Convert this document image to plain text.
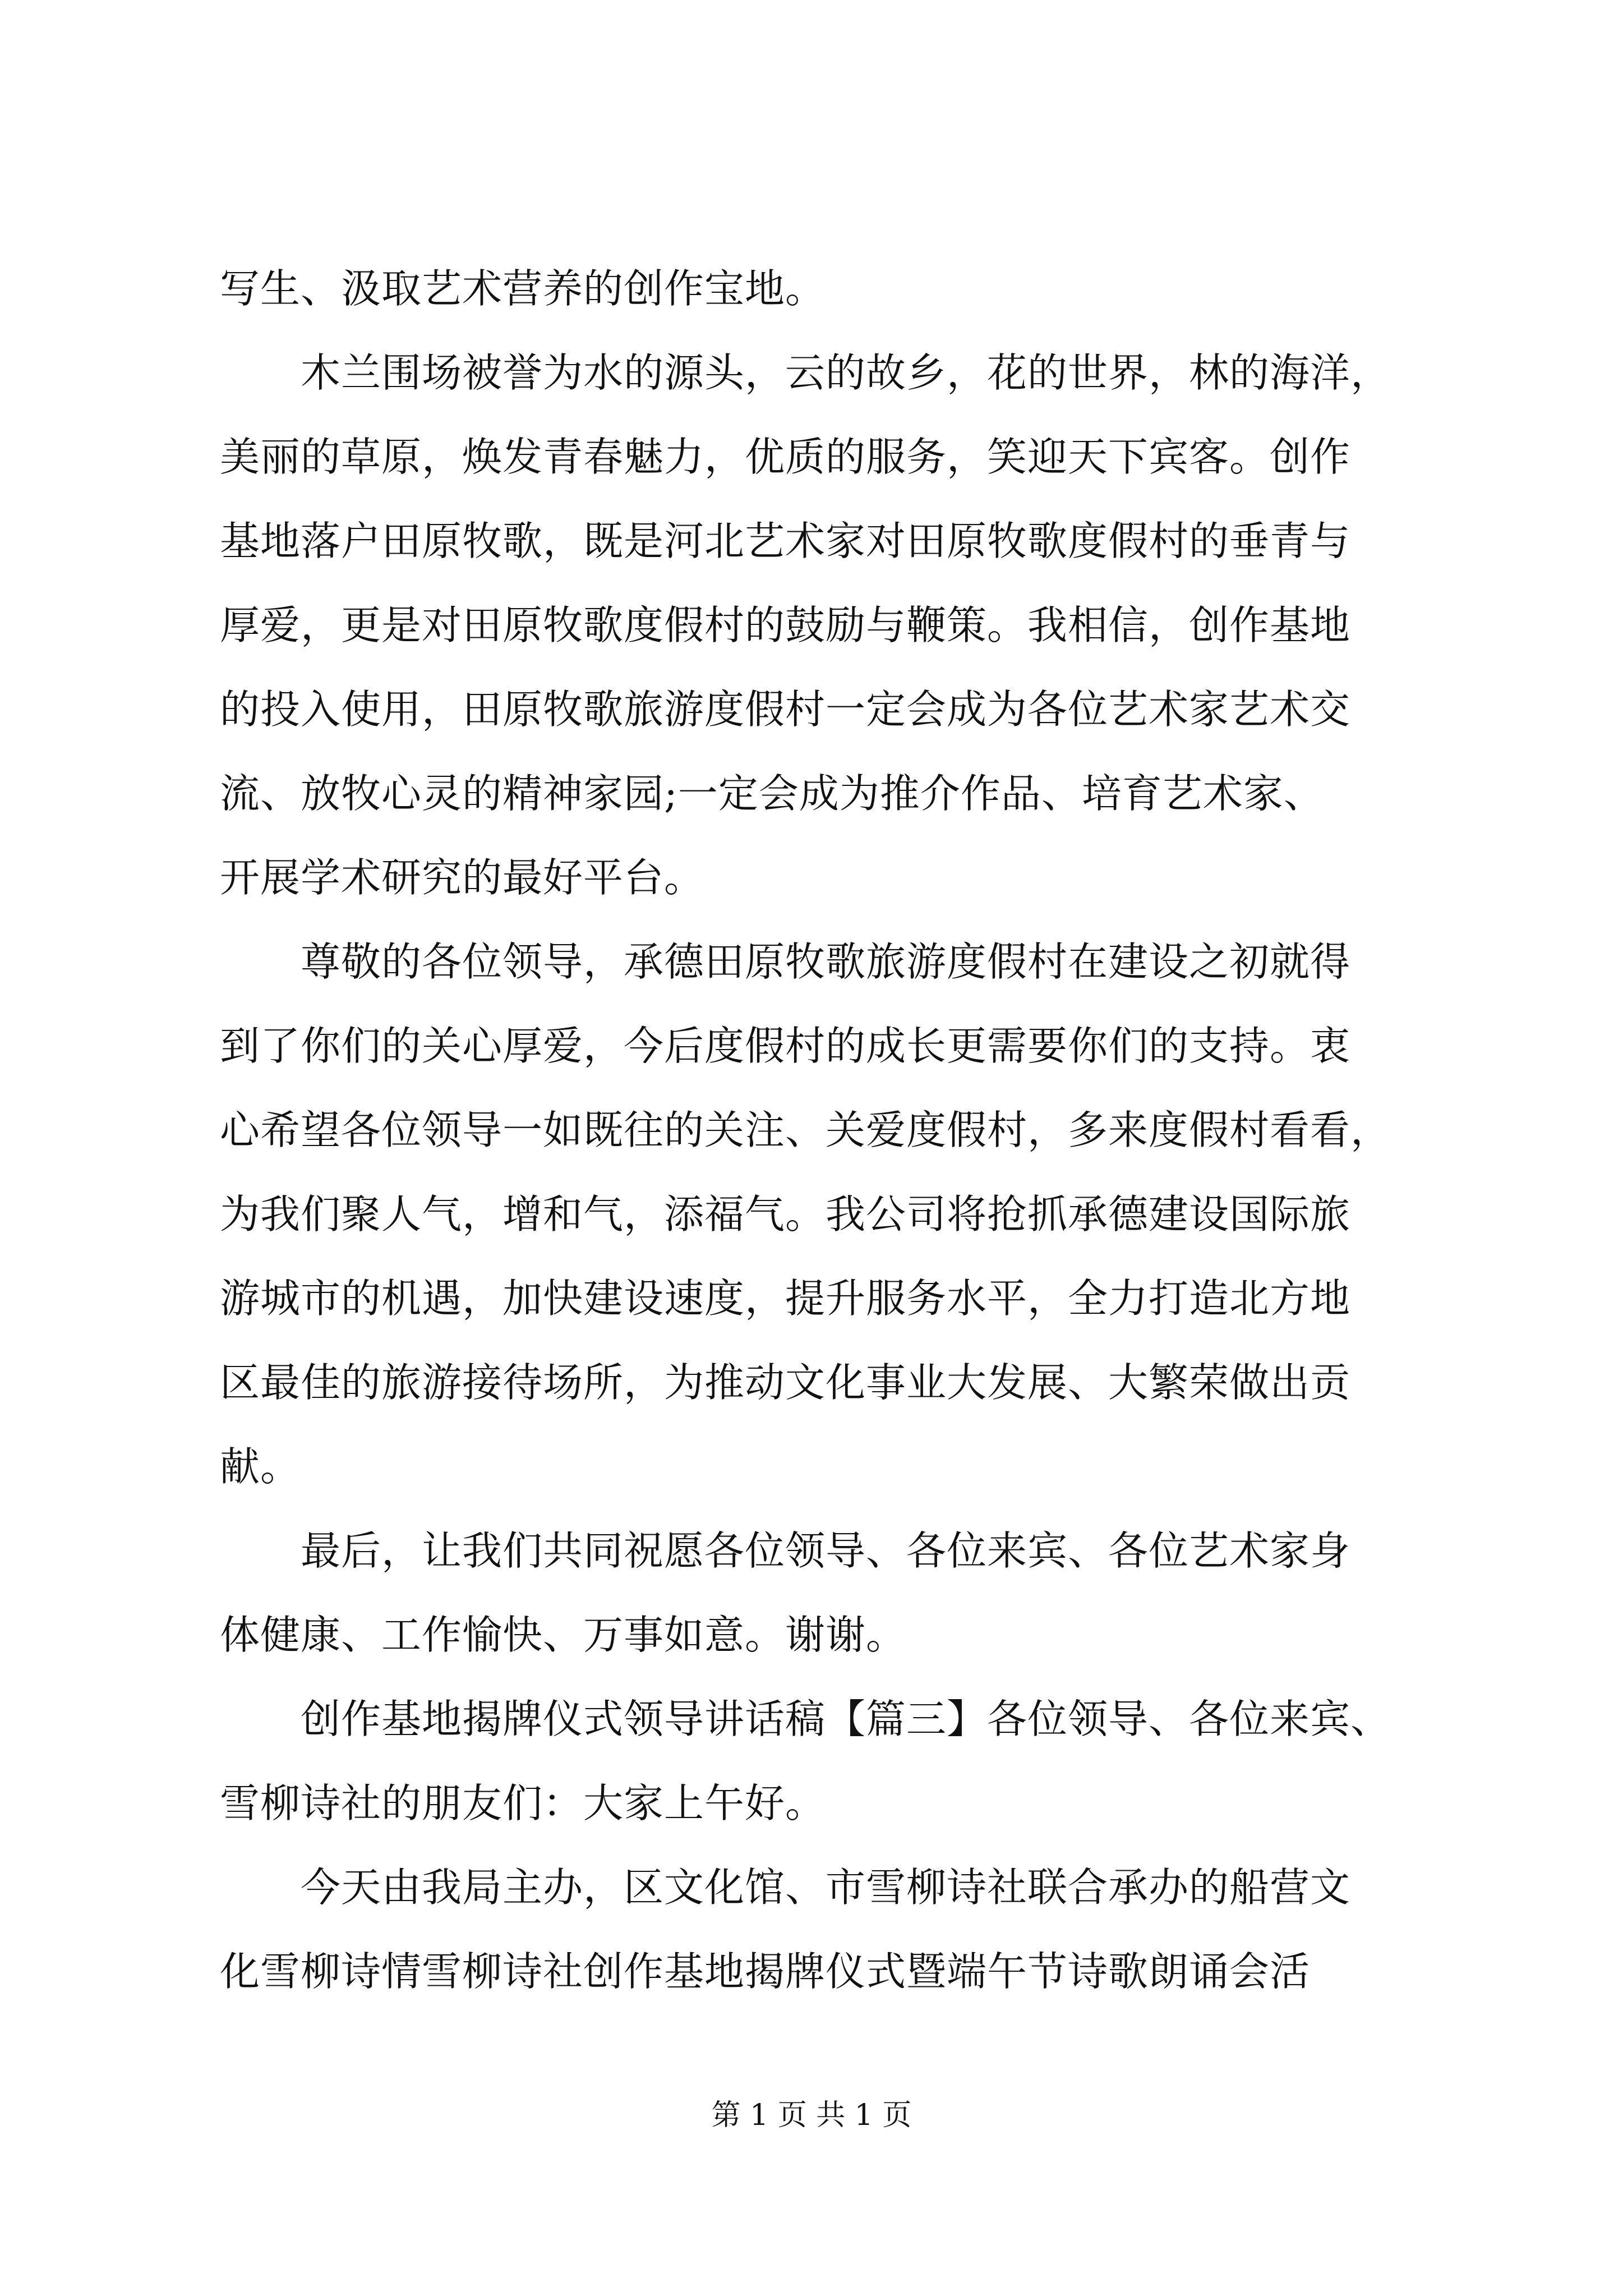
写生、汲取艺术营养的创作宝地。
木兰围场被誉为水的源头，云的故乡，花的世界，林的海洋，
美丽的草原，焕发青春魅力，优质的服务，笑迎天下宾客。创作
基地落户田原牧歌，既是河北艺术家对田原牧歌度假村的垂青与
厚爱，更是对田原牧歌度假村的鼓励与鞭策。我相信，创作基地
的投入使用，田原牧歌旅游度假村一定会成为各位艺术家艺术交
流、放牧心灵的精神家园;一定会成为推介作品、培育艺术家、
开展学术研究的最好平台。
尊敬的各位领导，承德田原牧歌旅游度假村在建设之初就得
到了你们的关心厚爱，今后度假村的成长更需要你们的支持。衷
心希望各位领导一如既往的关注、关爱度假村，多来度假村看看，
为我们聚人气，增和气，添福气。我公司将抢抓承德建设国际旅
游城市的机遇，加快建设速度，提升服务水平，全力打造北方地
区最佳的旅游接待场所，为推动文化事业大发展、大繁荣做出贡
献。
最后，让我们共同祝愿各位领导、各位来宾、各位艺术家身
体健康、工作愉快、万事如意。谢谢。
创作基地揭牌仪式领导讲话稿【篇三】各位领导、各位来宾、
雪柳诗社的朋友们：大家上午好。
今天由我局主办，区文化馆、市雪柳诗社联合承办的船营文
化雪柳诗情雪柳诗社创作基地揭牌仪式暨端午节诗歌朗诵会活
第 1 页 共 1 页
